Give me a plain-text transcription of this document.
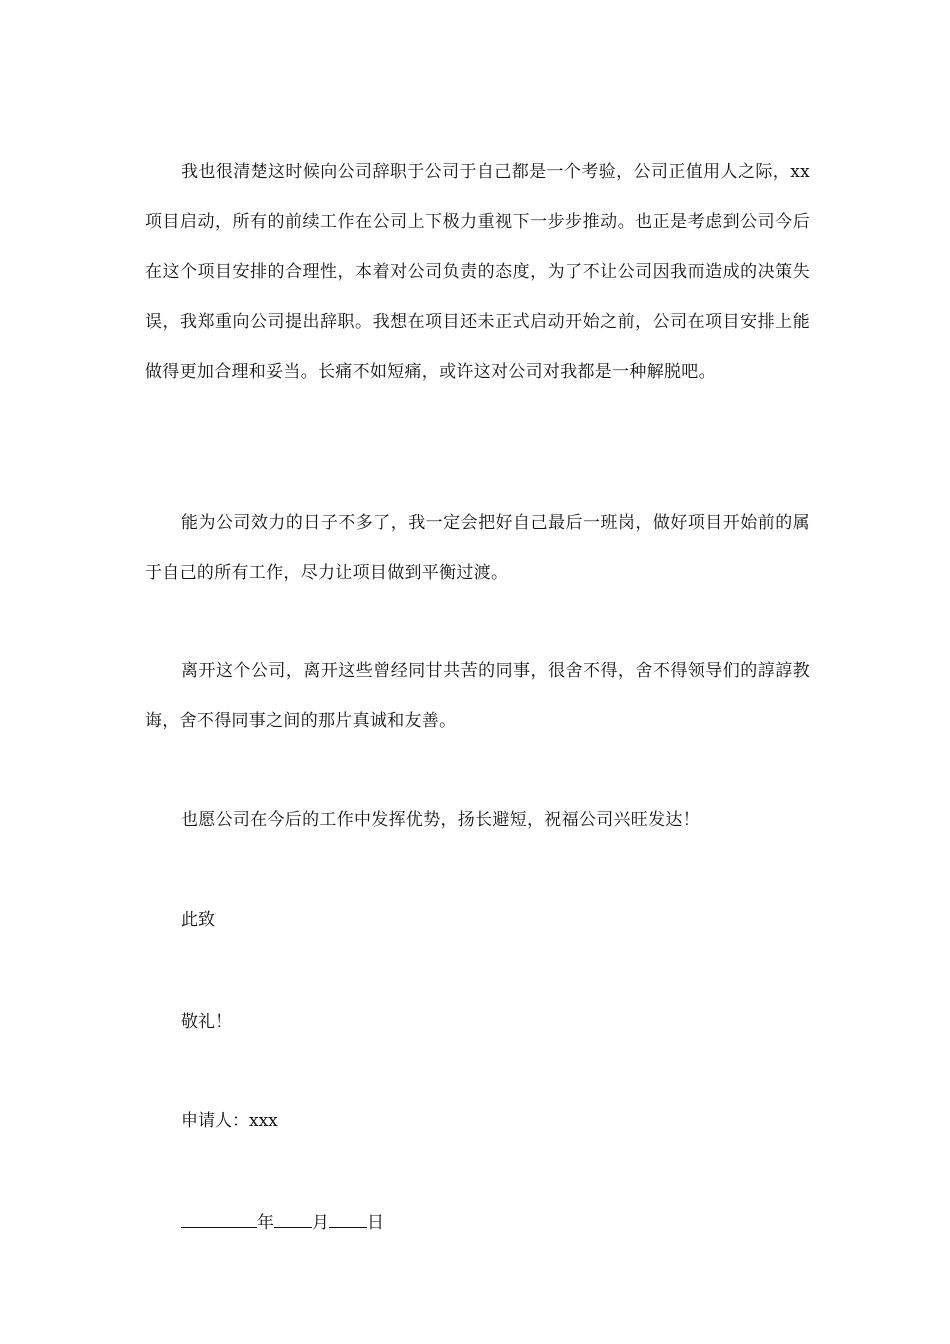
我也很清楚这时候向公司辞职于公司于自己都是一个考验，公司正值用人之际，xx项目启动，所有的前续工作在公司上下极力重视下一步步推动。也正是考虑到公司今后在这个项目安排的合理性，本着对公司负责的态度，为了不让公司因我而造成的决策失误，我郑重向公司提出辞职。我想在项目还未正式启动开始之前，公司在项目安排上能做得更加合理和妥当。长痛不如短痛，或许这对公司对我都是一种解脱吧。

能为公司效力的日子不多了，我一定会把好自己最后一班岗，做好项目开始前的属于自己的所有工作，尽力让项目做到平衡过渡。

离开这个公司，离开这些曾经同甘共苦的同事，很舍不得，舍不得领导们的諄諄教诲，舍不得同事之间的那片真诚和友善。

也愿公司在今后的工作中发挥优势，扬长避短，祝福公司兴旺发达！

此致

敬礼！

申请人：xxx

年 月 日
